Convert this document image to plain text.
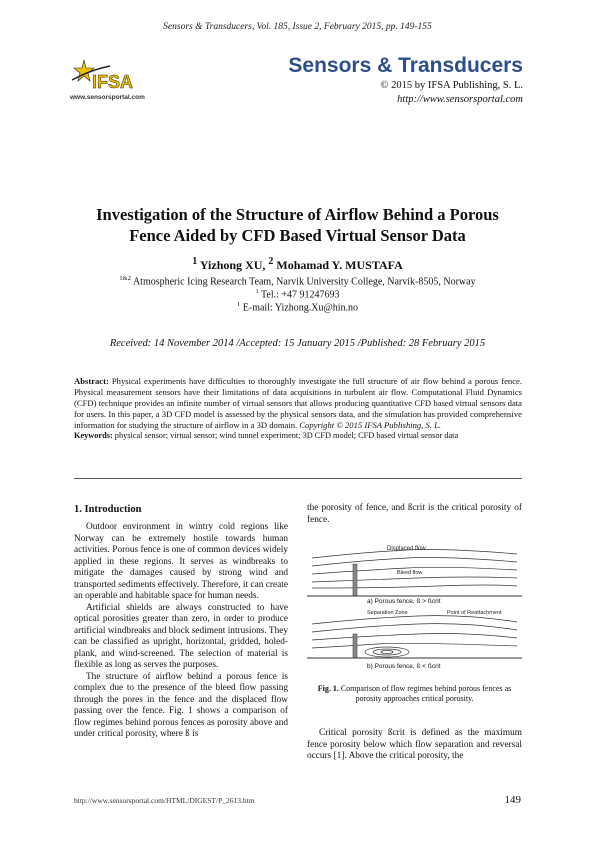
Sensors & Transducers, Vol. 185, Issue 2, February 2015, pp. 149-155
IFSA
www.sensorsportal.com
Sensors & Transducers
© 2015 by IFSA Publishing, S. L.
http://www.sensorsportal.com
Investigation of the Structure of Airflow Behind a Porous
Fence Aided by CFD Based Virtual Sensor Data
$^1$ Yizhong XU, $^2$ Mohamad Y. MUSTAFA
$^{1\&2}$ Atmospheric Icing Research Team, Narvik University College, Narvik-8505, Norway
$^1$ Tel.: +47 91247693
$^1$ E-mail: Yizhong.Xu@hin.no
Received: 14 November 2014 /Accepted: 15 January 2015 /Published: 28 February 2015
Abstract: Physical experiments have difficulties to thoroughly investigate the full structure of air flow behind a porous fence. Physical measurement sensors have their limitations of data acquisitions in turbulent air flow. Computational Fluid Dynamics (CFD) technique provides an infinite number of virtual sensors that allows producing quantitative CFD based virtual sensors data for users. In this paper, a 3D CFD model is assessed by the physical sensors data, and the simulation has provided comprehensive information for studying the structure of airflow in a 3D domain. Copyright © 2015 IFSA Publishing, S. L.
Keywords: physical sensor; virtual sensor; wind tunnel experiment; 3D CFD model; CFD based virtual sensor data
1. Introduction

Outdoor environment in wintry cold regions like Norway can be extremely hostile towards human activities. Porous fence is one of common devices widely applied in these regions. It serves as windbreaks to mitigate the damages caused by strong wind and transported sediments effectively. Therefore, it can create an operable and habitable space for human needs.

Artificial shields are always constructed to have optical porosities greater than zero, in order to produce artificial windbreaks and block sediment intrusions. They can be classified as upright, horizontal, gridded, holed-plank, and wind-screened. The selection of material is flexible as long as serves the purposes.

The structure of airflow behind a porous fence is complex due to the presence of the bleed flow passing through the pores in the fence and the displaced flow passing over the fence. Fig. 1 shows a comparison of flow regimes behind porous fences as porosity above and under critical porosity, where ß is

the porosity of fence, and ßcrit is the critical porosity of fence.

Displaced flow
Bleed flow
a) Porous fence, ß > ßcrit
Separation Zone	Point of Reattachment
b) Porous fence, ß < ßcrit
Fig. 1. Comparison of flow regimes behind porous fences as porosity approaches critical porosity.

Critical porosity ßcrit is defined as the maximum fence porosity below which flow separation and reversal occurs [1]. Above the critical porosity, the

http://www.sensorsportal.com/HTML/DIGEST/P_2613.htm	149
